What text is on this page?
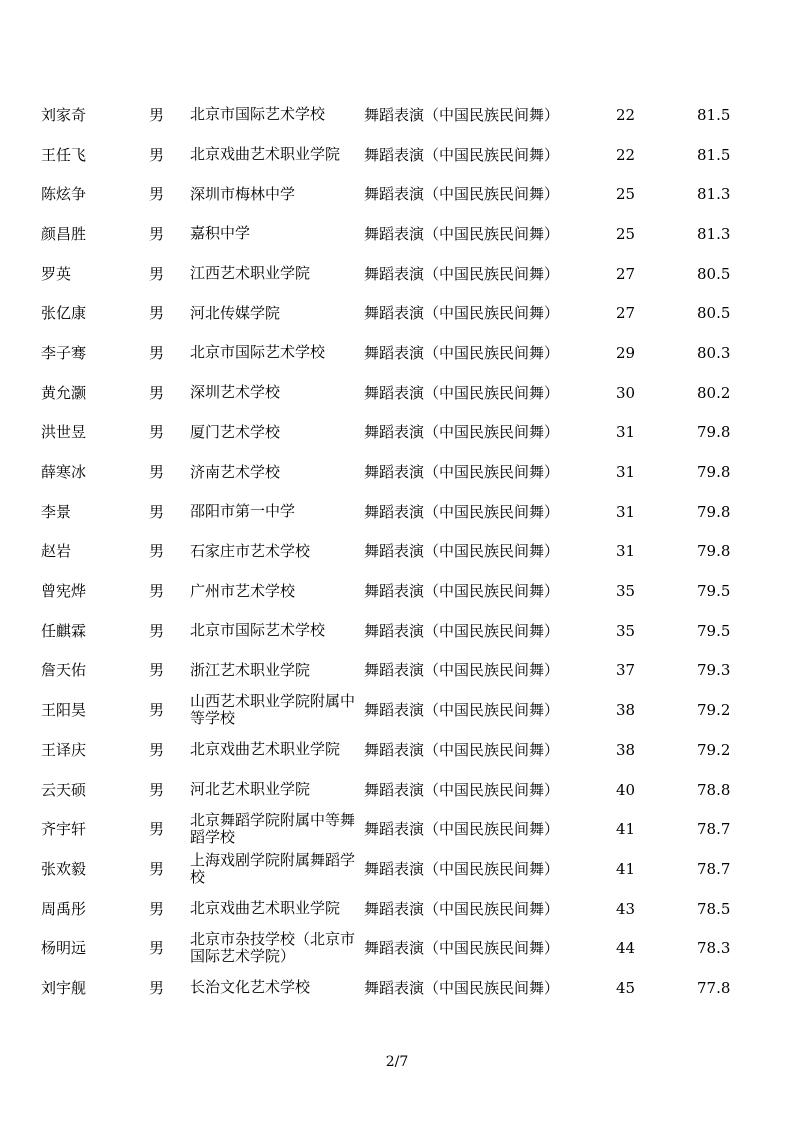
刘家奇	男 北京市国际艺术学校	舞蹈表演（中国民族民间舞）	22	81.5
王任飞	男 北京戏曲艺术职业学院	舞蹈表演（中国民族民间舞）	22	81.5
陈炫争	男 深圳市梅林中学	舞蹈表演（中国民族民间舞）	25	81.3
颜昌胜	男 嘉积中学	舞蹈表演（中国民族民间舞）	25	81.3
罗英	男 江西艺术职业学院	舞蹈表演（中国民族民间舞）	27	80.5
张亿康	男 河北传媒学院	舞蹈表演（中国民族民间舞）	27	80.5
李子骞	男 北京市国际艺术学校	舞蹈表演（中国民族民间舞）	29	80.3
黄允灏	男 深圳艺术学校	舞蹈表演（中国民族民间舞）	30	80.2
洪世昱	男 厦门艺术学校	舞蹈表演（中国民族民间舞）	31	79.8
薛寒冰	男 济南艺术学校	舞蹈表演（中国民族民间舞）	31	79.8
李景	男 邵阳市第一中学	舞蹈表演（中国民族民间舞）	31	79.8
赵岩	男 石家庄市艺术学校	舞蹈表演（中国民族民间舞）	31	79.8
曾宪烨	男 广州市艺术学校	舞蹈表演（中国民族民间舞）	35	79.5
任麒霖	男 北京市国际艺术学校	舞蹈表演（中国民族民间舞）	35	79.5
詹天佑	男 浙江艺术职业学院	舞蹈表演（中国民族民间舞）	37	79.3
王阳昊	男 山西艺术职业学院附属中等学校	舞蹈表演（中国民族民间舞）	38	79.2
王译庆	男 北京戏曲艺术职业学院	舞蹈表演（中国民族民间舞）	38	79.2
云天硕	男 河北艺术职业学院	舞蹈表演（中国民族民间舞）	40	78.8
齐宇轩	男 北京舞蹈学院附属中等舞蹈学校	舞蹈表演（中国民族民间舞）	41	78.7
张欢毅	男 上海戏剧学院附属舞蹈学校	舞蹈表演（中国民族民间舞）	41	78.7
周禹彤	男 北京戏曲艺术职业学院	舞蹈表演（中国民族民间舞）	43	78.5
杨明远	男 北京市杂技学校（北京市国际艺术学院）	舞蹈表演（中国民族民间舞）	44	78.3
刘宇舰	男 长治文化艺术学校	舞蹈表演（中国民族民间舞）	45	77.8
2/7
